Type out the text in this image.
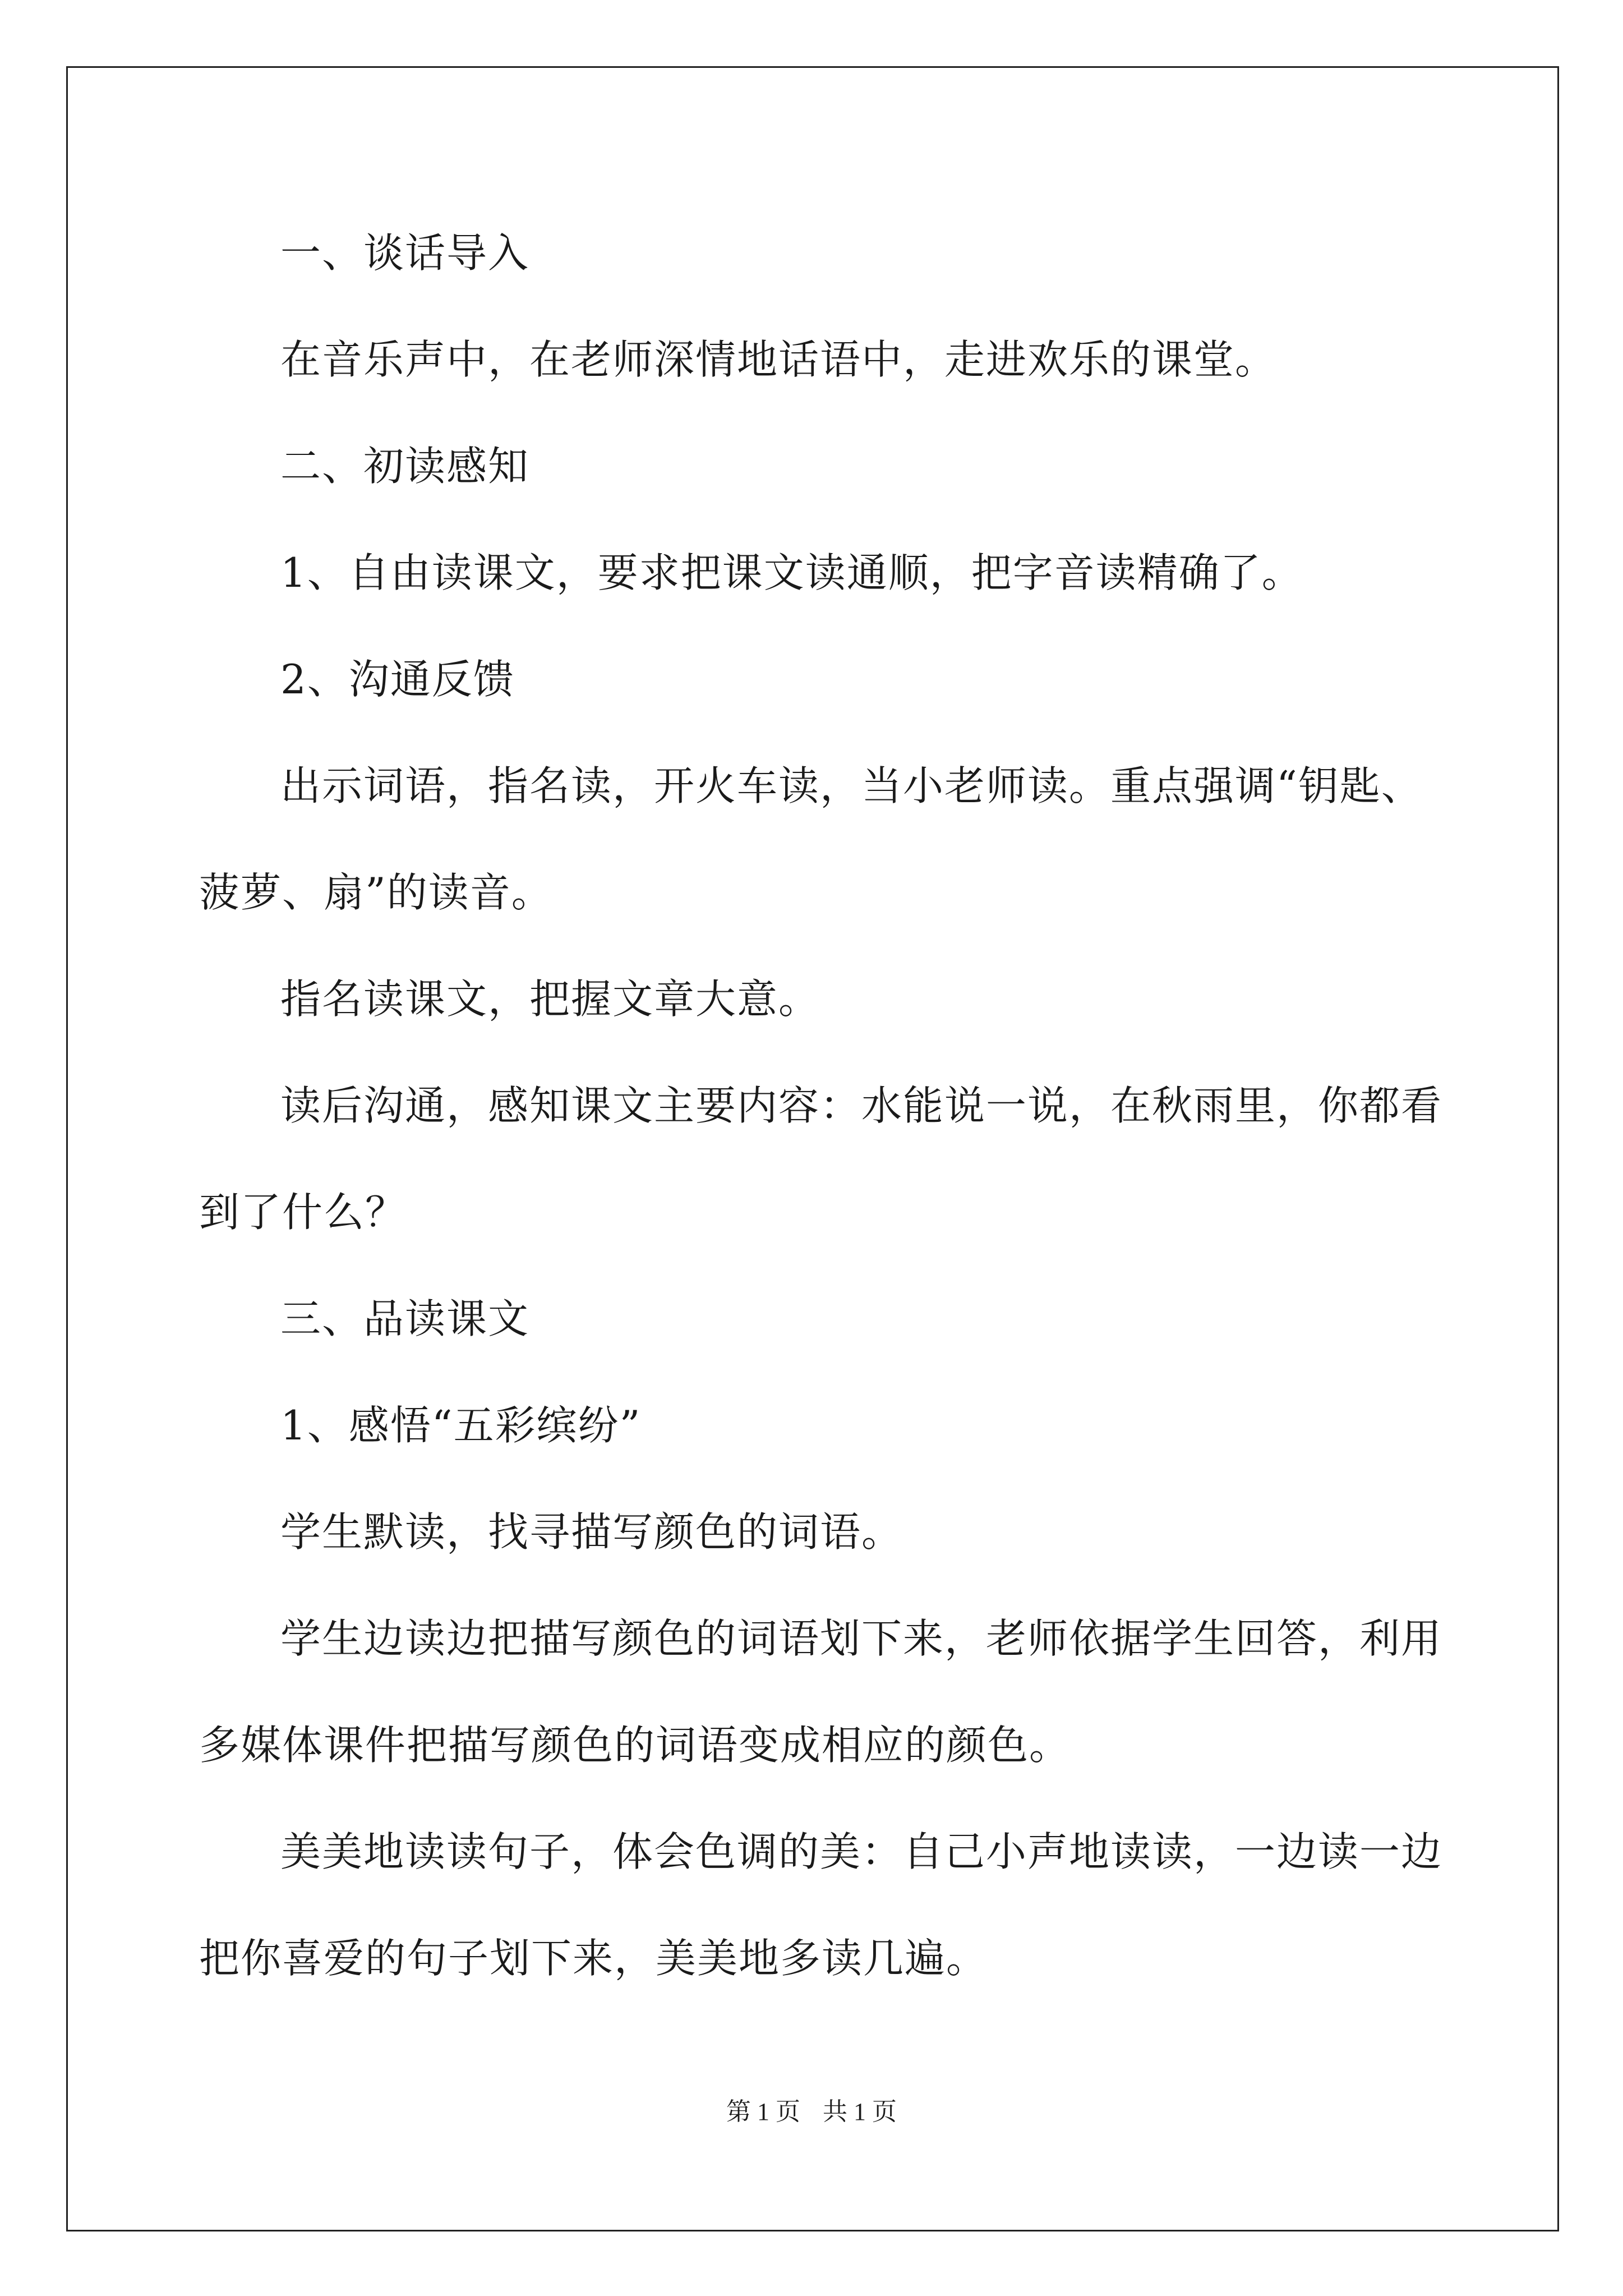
一、谈话导入
在音乐声中，在老师深情地话语中，走进欢乐的课堂。
二、初读感知
1、自由读课文，要求把课文读通顺，把字音读精确了。
2、沟通反馈
出示词语，指名读，开火车读，当小老师读。重点强调“钥匙、
菠萝、扇”的读音。
指名读课文，把握文章大意。
读后沟通，感知课文主要内容：水能说一说，在秋雨里，你都看
到了什么？
三、品读课文
1、感悟“五彩缤纷”
学生默读，找寻描写颜色的词语。
学生边读边把描写颜色的词语划下来，老师依据学生回答，利用
多媒体课件把描写颜色的词语变成相应的颜色。
美美地读读句子，体会色调的美：自己小声地读读，一边读一边
把你喜爱的句子划下来，美美地多读几遍。
第 1 页 共 1 页
